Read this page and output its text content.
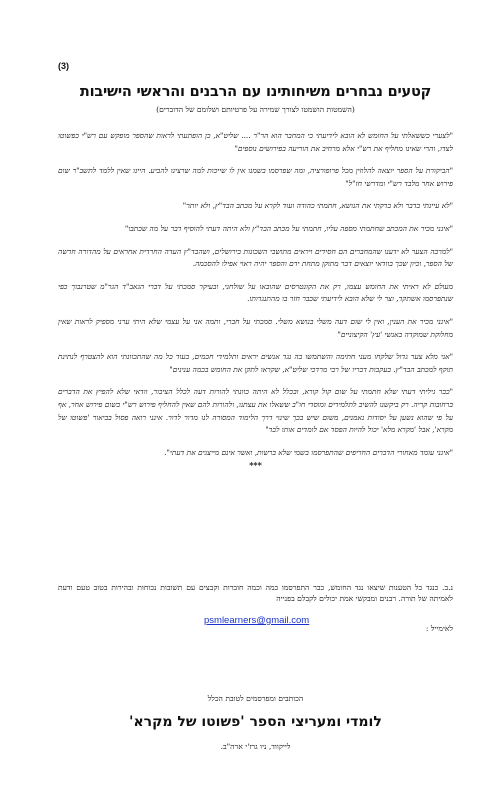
(3)
קטעים נבחרים משיחותינו עם הרבנים והראשי הישיבות
(השמטות הושמטו לצורך שמירה על פרטיותם ושלומם של הדוברים)

"לצערי כששאלתי על החומש לא הובא לידיעתי כי המחבר הוא הר"ר .... שליט"א, כן הופתעתי לראות שהספר מופקש עם רש"י כפשוטו לצדו, והרי שאינו מחליף את רש"י אלא מרחיב את הוריעה בפירושים נוספים"

"הביקורת על הספר יוצאה להלוזין מכל פרופורציה, ומה שפרסמו בשמנו אין לו שייכות למה שרצינו להביע. היינו שאין ללמד לתשב"ר שום פירוש אחר מלבד רש"י ומדרשי חז"ל"

"לא עיינתי בדבר ולא בדקתי את הנושא, חתמתי כהודה ועוד לקרא על מכתב הבד"ץ, ולא יותר"

"אינני מכיר את המכתב שחתמתי מספה עליו, חתמתי על מכתב הבד"ץ ולא היתה דעתי להוסיף דבר על מה שכתבו"

"למרבה הצער לא ידענו שהמחברים הם חסידים ויראים מתושבי השכונות בירושלים, ושהבד"ץ העדה החרדית אחראים על מהדורה חדשה של הספר, וכיון שכך בוודאי יוצאים דבר מתוקן מתחת ידם והספר יהיה ראוי אפילו להסכמה.

מעולם לא ראיתי את החומש עצמו, רק את הקונטרסים שהובאו על שולחני, ובעיקר סמכתי על דברי הגאב"ד הגר"מ שטרנבוך כפי שנתפרסמו אשתקד, וצר לי שלא הובא לידיעתי שכבר חזר בו מהתנגדותו.

"אינני מכיר את הענין, ואין לי שום דעה משלי בנושא משלי. סמכתי על חברי, ותמה אני על עצמי שלא היתי ערני מספיק לראות שאין מחלוקת שמוקדה באנשי 'עץ' הקיצוניים"

"אני מלא צער גדול שלקחו מעני חתימה והשתמשו בה נגד אנשים יראים ותלמידי חכמים, בעוד כל מה שהתכוונתי הוא להצטרף לנתינת תוקף למכתב הבד"ץ. בעקבות דבריו של רבי מרדכי שליט"א, שקראו לתקן את החומש בכמה ענינים"

"כבר גיליתי דעתי שלא חתמתי על שום קול קורא, ובכלל לא היתה כוונתי להורות דעה לכלל הציבור, וודאי שלא להפיץ את הדברים ברחובות קריה. רק ביקשנו להשיב לתלמידים ומוסדי חו"ב ששאלו את עצתנו, ולהורות להם שאין להחליף פירוש רש"י בשום פירוש אחר, אף על פי שהוא נשען על יסודות נאמנים, משום שיש בכך שינוי דרך הלימוד המסורה לנו מדור לדור. אינני רואה פסול בביאור 'פשוטו של מקרא', אבל 'מקרא מלא' יכול להיות הפסד אם לומדים אותו לבד"

"אינני עומד מאחורי הדברים החריפים שהתפרסמו בשמי שלא ברשות, ואשר אינם מייצגים את דעתי".

***
נ.ב. כנגד כל הטענות שיצאו נגד החומש, כבר התפרסמו כמה וכמה חוברות וקבצים עם תשובות נכוחות ובהירות בטוב טעם ודעת לאמיתה של תורה. רבנים ומבקשי אמת יכולים לקבלם בפנייה
לאימייל :
psmlearners@gmail.com
הכותבים ומפרסמים לטובת הכלל
לומדי ומעריצי הספר 'פשוטו של מקרא'
לייקווד, ניו גרז'י ארה"ב.
